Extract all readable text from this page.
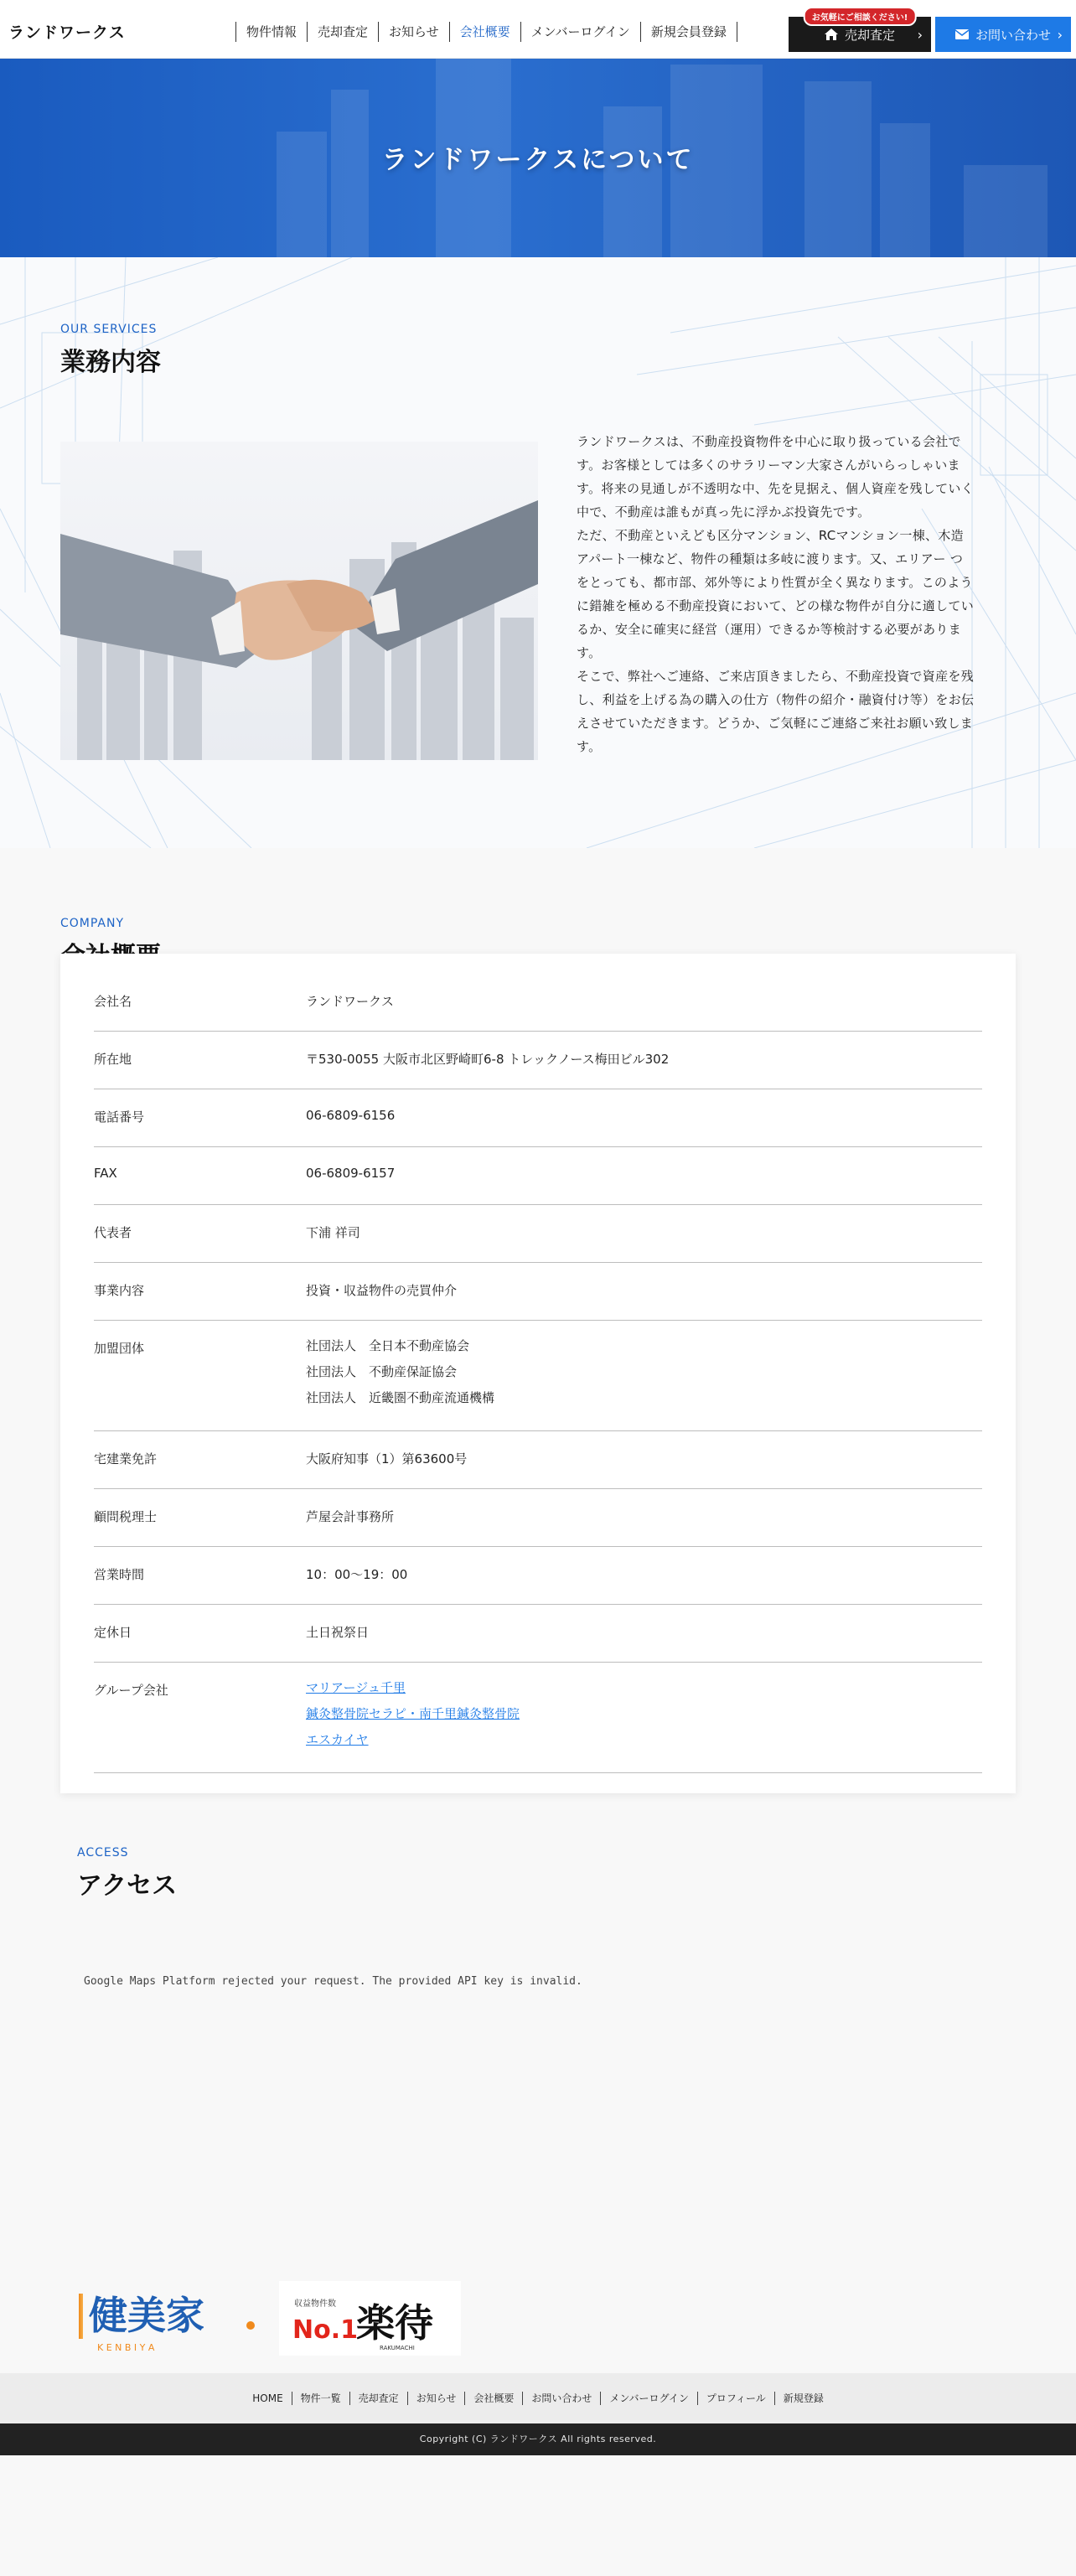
ランドワークス	物件情報	売却査定	お知らせ	会社概要	メンバーログイン	新規会員登録
お気軽にご相談ください!
売却査定 ›	お問い合わせ ›
ランドワークスについて
OUR SERVICES
業務内容

ランドワークスは、不動産投資物件を中心に取り扱っている会社です。お客様としては多くのサラリーマン大家さんがいらっしゃいます。将来の見通しが不透明な中、先を見据え、個人資産を残していく中で、不動産は誰もが真っ先に浮かぶ投資先です。

ただ、不動産といえども区分マンション、RCマンション一棟、木造アパート一棟など、物件の種類は多岐に渡ります。又、エリアー つをとっても、都市部、郊外等により性質が全く異なります。このように錯雑を極める不動産投資において、どの様な物件が自分に適しているか、安全に確実に経営（運用）できるか等検討する必要があります。

そこで、弊社へご連絡、ご来店頂きましたら、不動産投資で資産を残し、利益を上げる為の購入の仕方（物件の紹介・融資付け等）をお伝えさせていただきます。どうか、ご気軽にご連絡ご来社お願い致します。

COMPANY
会社名	ランドワークス
所在地	〒530-0055 大阪市北区野崎町6-8 トレックノース梅田ビル302
電話番号	06-6809-6156
FAX	06-6809-6157
代表者	下浦 祥司
事業内容	投資・収益物件の売買仲介
加盟団体	社団法人　全日本不動産協会
社団法人　不動産保証協会
社団法人　近畿圏不動産流通機構
宅建業免許	大阪府知事（1）第63600号
顧問税理士	芦屋会計事務所
営業時間	10：00〜19：00
定休日	土日祝祭日
グループ会社	マリアージュ千里
鍼灸整骨院セラピ・南千里鍼灸整骨院
エスカイヤ
ACCESS
アクセス
Google Maps Platform rejected your request. The provided API key is invalid.
健美家
K E N B I Y A
収益物件数
No.1
楽待
RAKUMACHI
HOME	物件一覧	売却査定	お知らせ	会社概要	お問い合わせ	メンバーログイン	プロフィール	新規登録
Copyright (C) ランドワークス All rights reserved.
